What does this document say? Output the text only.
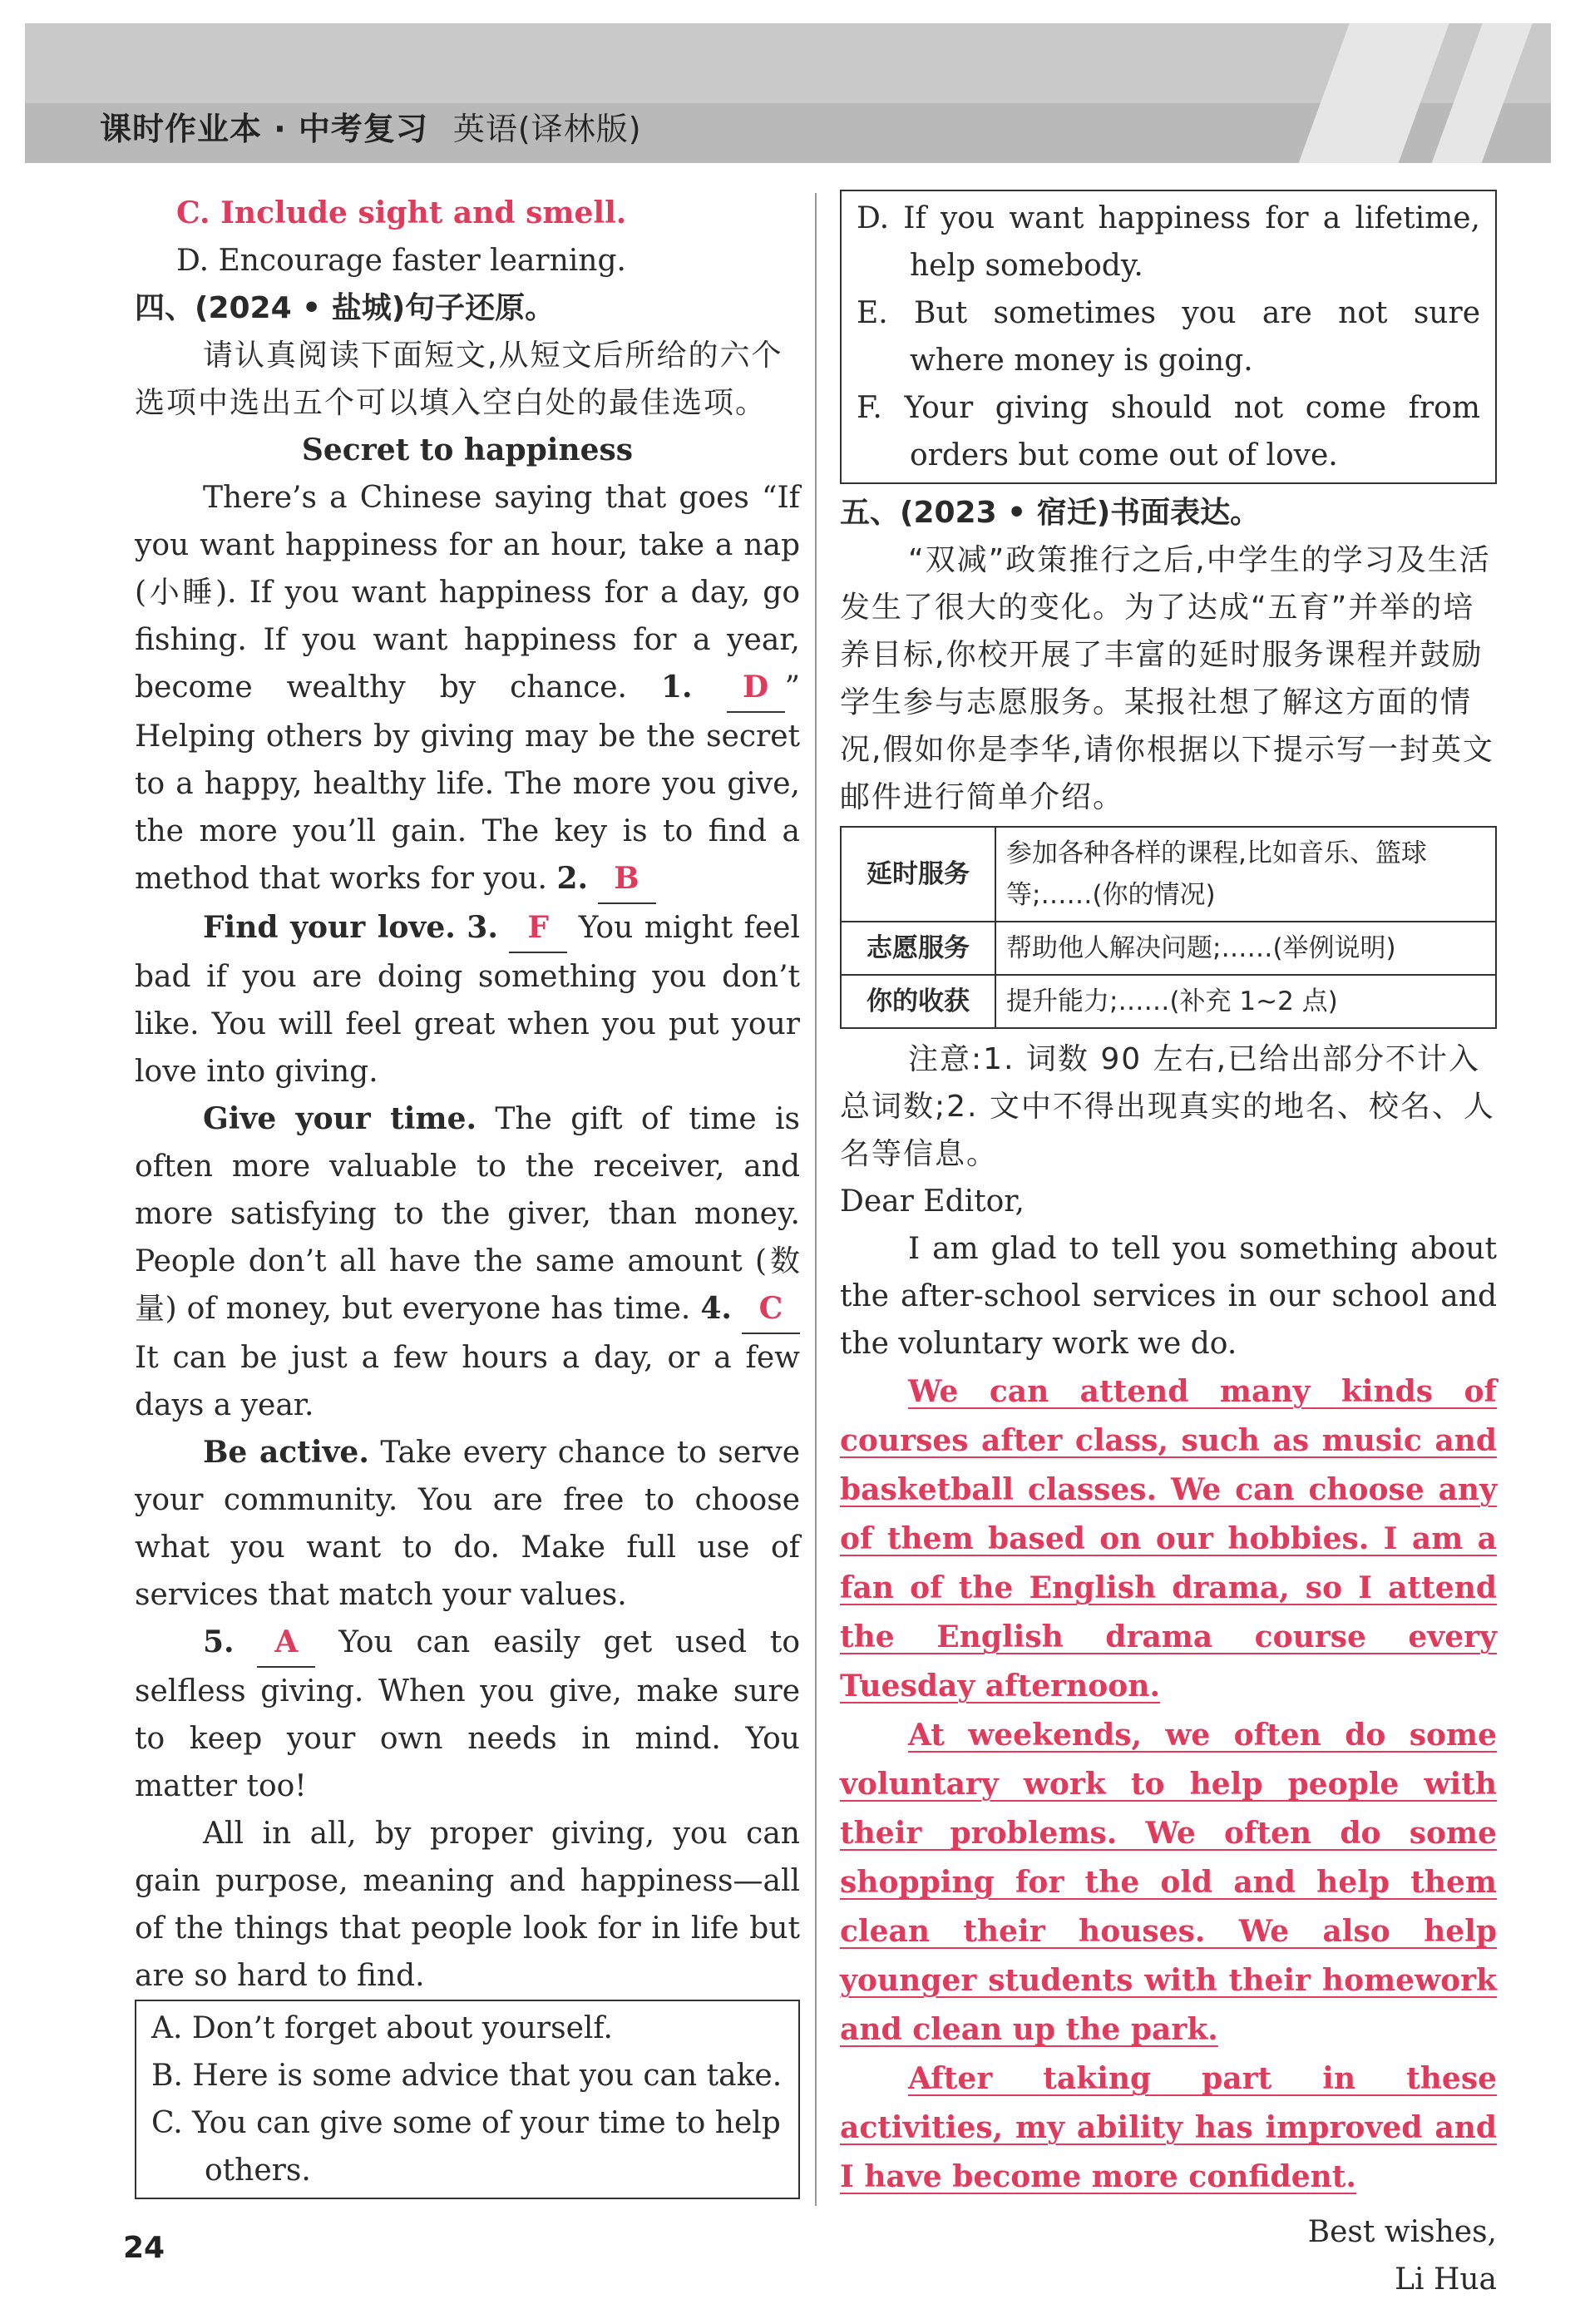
课时作业本 · 中考复习 英语(译林版)

C. Include sight and smell.

D. Encourage faster learning.

四、(2024 • 盐城)句子还原。

请认真阅读下面短文,从短文后所给的六个选项中选出五个可以填入空白处的最佳选项。

Secret to happiness

There’s a Chinese saying that goes “If you want happiness for an hour, take a nap (小睡). If you want happiness for a day, go fishing. If you want happiness for a year, become wealthy by chance. 1. D ” Helping others by giving may be the secret to a happy, healthy life. The more you give, the more you’ll gain. The key is to find a method that works for you. 2. B

Find your love. 3. F You might feel bad if you are doing something you don’t like. You will feel great when you put your love into giving.

Give your time. The gift of time is often more valuable to the receiver, and more satisfying to the giver, than money. People don’t all have the same amount (数量) of money, but everyone has time. 4. C It can be just a few hours a day, or a few days a year.

Be active. Take every chance to serve your community. You are free to choose what you want to do. Make full use of services that match your values.

5. A You can easily get used to selfless giving. When you give, make sure to keep your own needs in mind. You matter too!

All in all, by proper giving, you can gain purpose, meaning and happiness—all of the things that people look for in life but are so hard to find.

A. Don’t forget about yourself.

B. Here is some advice that you can take.

C. You can give some of your time to help others.

D. If you want happiness for a lifetime, help somebody.

E. But sometimes you are not sure where money is going.

F. Your giving should not come from orders but come out of love.

五、(2023 • 宿迁)书面表达。

“双减”政策推行之后,中学生的学习及生活发生了很大的变化。为了达成“五育”并举的培养目标,你校开展了丰富的延时服务课程并鼓励学生参与志愿服务。某报社想了解这方面的情况,假如你是李华,请你根据以下提示写一封英文邮件进行简单介绍。

延时服务	参加各种各样的课程,比如音乐、篮球等;……(你的情况)
志愿服务	帮助他人解决问题;……(举例说明)
你的收获	提升能力;……(补充 1~2 点)

注意:1. 词数 90 左右,已给出部分不计入总词数;2. 文中不得出现真实的地名、校名、人名等信息。

Dear Editor,

I am glad to tell you something about the after-school services in our school and the voluntary work we do.

We can attend many kinds of courses after class, such as music and basketball classes. We can choose any of them based on our hobbies. I am a fan of the English drama, so I attend the English drama course every Tuesday afternoon.

At weekends, we often do some voluntary work to help people with their problems. We often do some shopping for the old and help them clean their houses. We also help younger students with their homework and clean up the park.

After taking part in these activities, my ability has improved and I have become more confident.

Best wishes,

Li Hua

24
